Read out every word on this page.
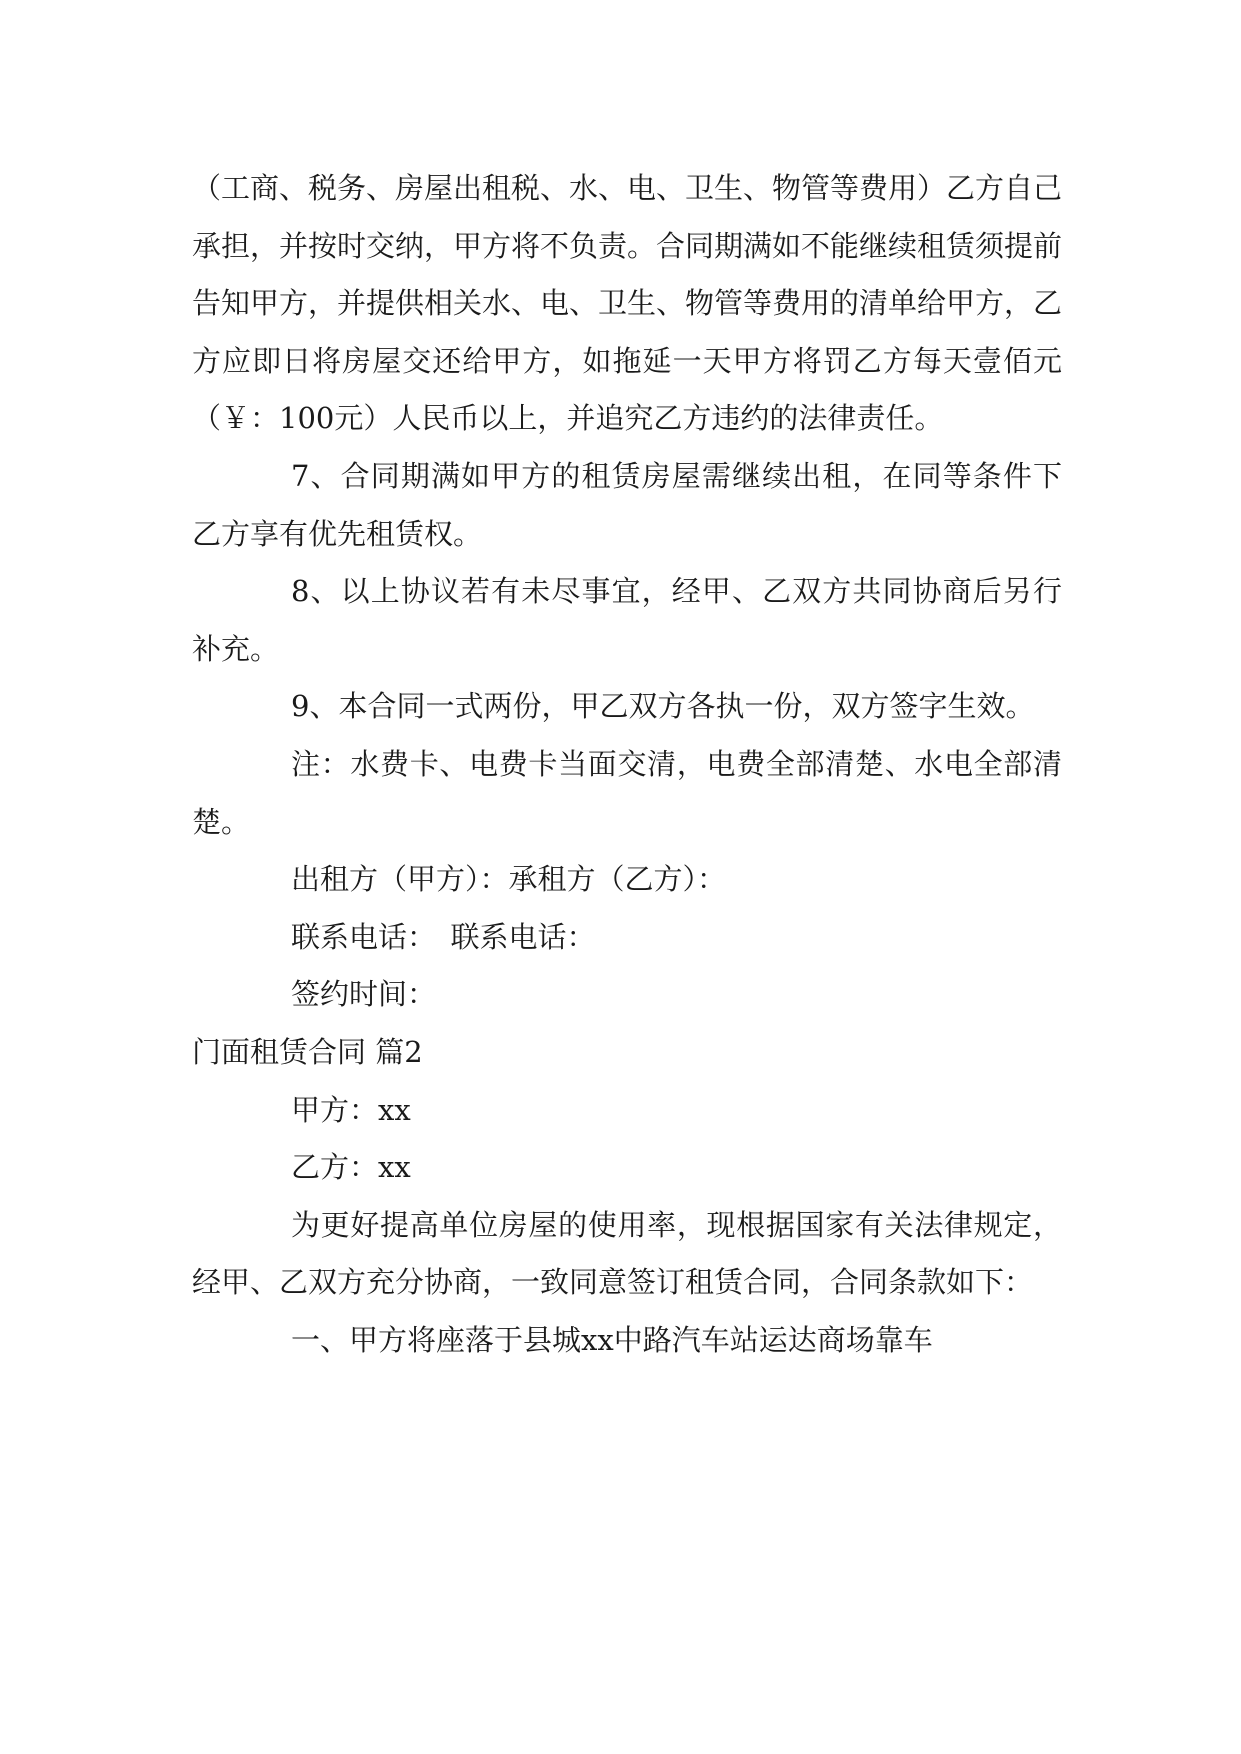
（工商、税务、房屋出租税、水、电、卫生、物管等费用）乙方自己承担，并按时交纳，甲方将不负责。合同期满如不能继续租赁须提前告知甲方，并提供相关水、电、卫生、物管等费用的清单给甲方，乙方应即日将房屋交还给甲方，如拖延一天甲方将罚乙方每天壹佰元（￥：100元）人民币以上，并追究乙方违约的法律责任。

7、合同期满如甲方的租赁房屋需继续出租，在同等条件下乙方享有优先租赁权。

8、以上协议若有未尽事宜，经甲、乙双方共同协商后另行补充。

9、本合同一式两份，甲乙双方各执一份，双方签字生效。

注：水费卡、电费卡当面交清，电费全部清楚、水电全部清楚。

出租方（甲方）：承租方（乙方）：

联系电话：　联系电话：

签约时间：

门面租赁合同 篇2

甲方：xx

乙方：xx

为更好提高单位房屋的使用率，现根据国家有关法律规定，经甲、乙双方充分协商，一致同意签订租赁合同，合同条款如下：

一、甲方将座落于县城xx中路汽车站运达商场靠车
